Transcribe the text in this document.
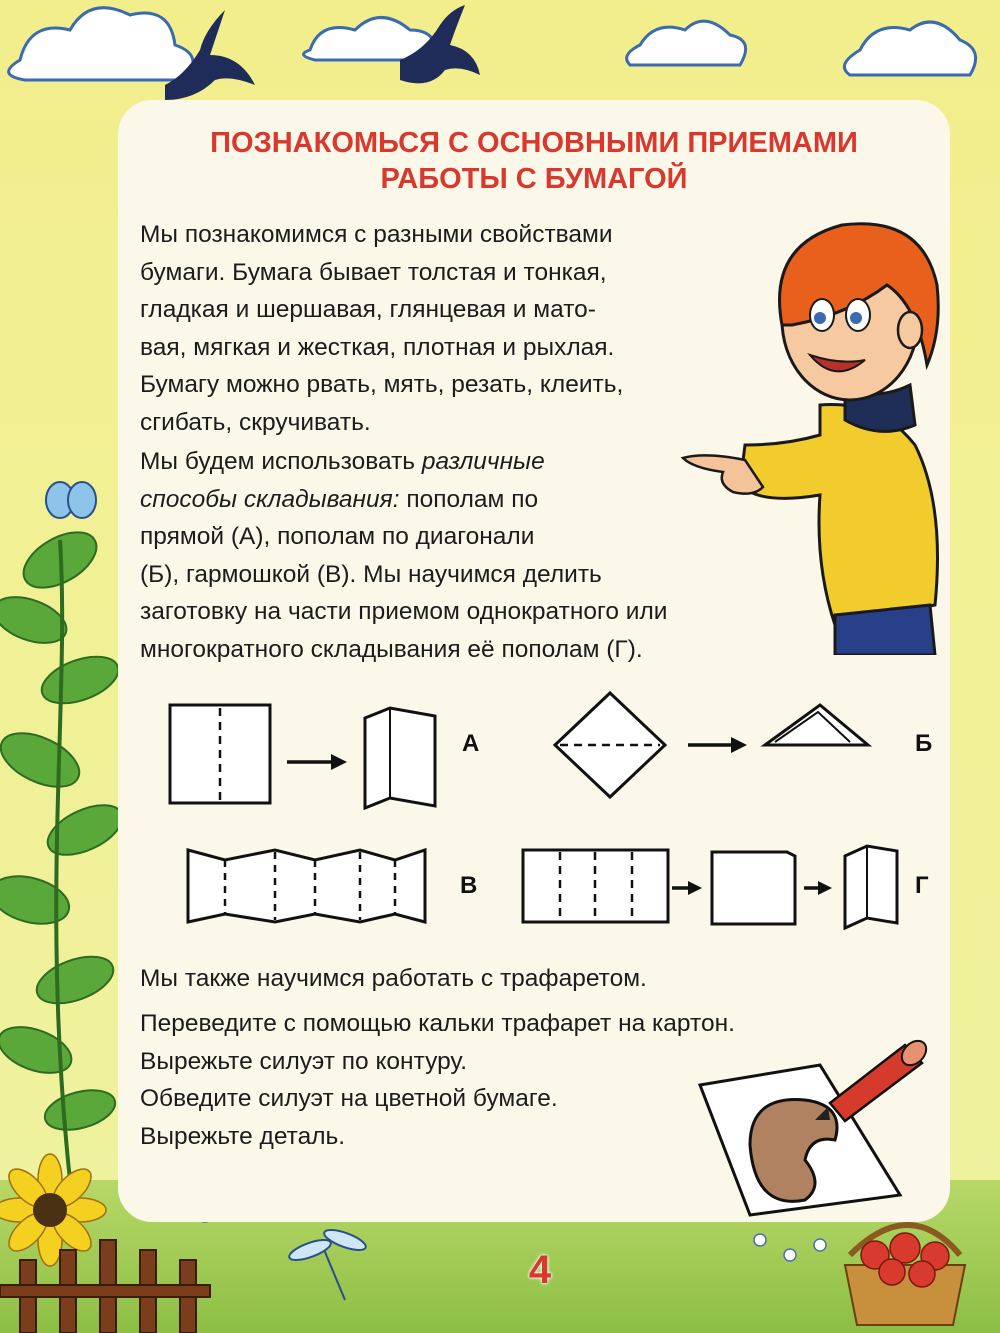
ПОЗНАКОМЬСЯ С ОСНОВНЫМИ ПРИЕМАМИ
РАБОТЫ С БУМАГОЙ
Мы познакомимся с разными свойствами
бумаги. Бумага бывает толстая и тонкая,
гладкая и шершавая, глянцевая и мато-
вая, мягкая и жесткая, плотная и рыхлая.
Бумагу можно рвать, мять, резать, клеить,
сгибать, скручивать.
Мы будем использовать различные
способы складывания: пополам по
прямой (А), пополам по диагонали
(Б), гармошкой (В). Мы научимся делить
заготовку на части приемом однократного или
многократного складывания её пополам (Г).
А	Б
В	Г
Мы также научимся работать с трафаретом.
Переведите с помощью кальки трафарет на картон.
Вырежьте силуэт по контуру.
Обведите силуэт на цветной бумаге.
Вырежьте деталь.
4
